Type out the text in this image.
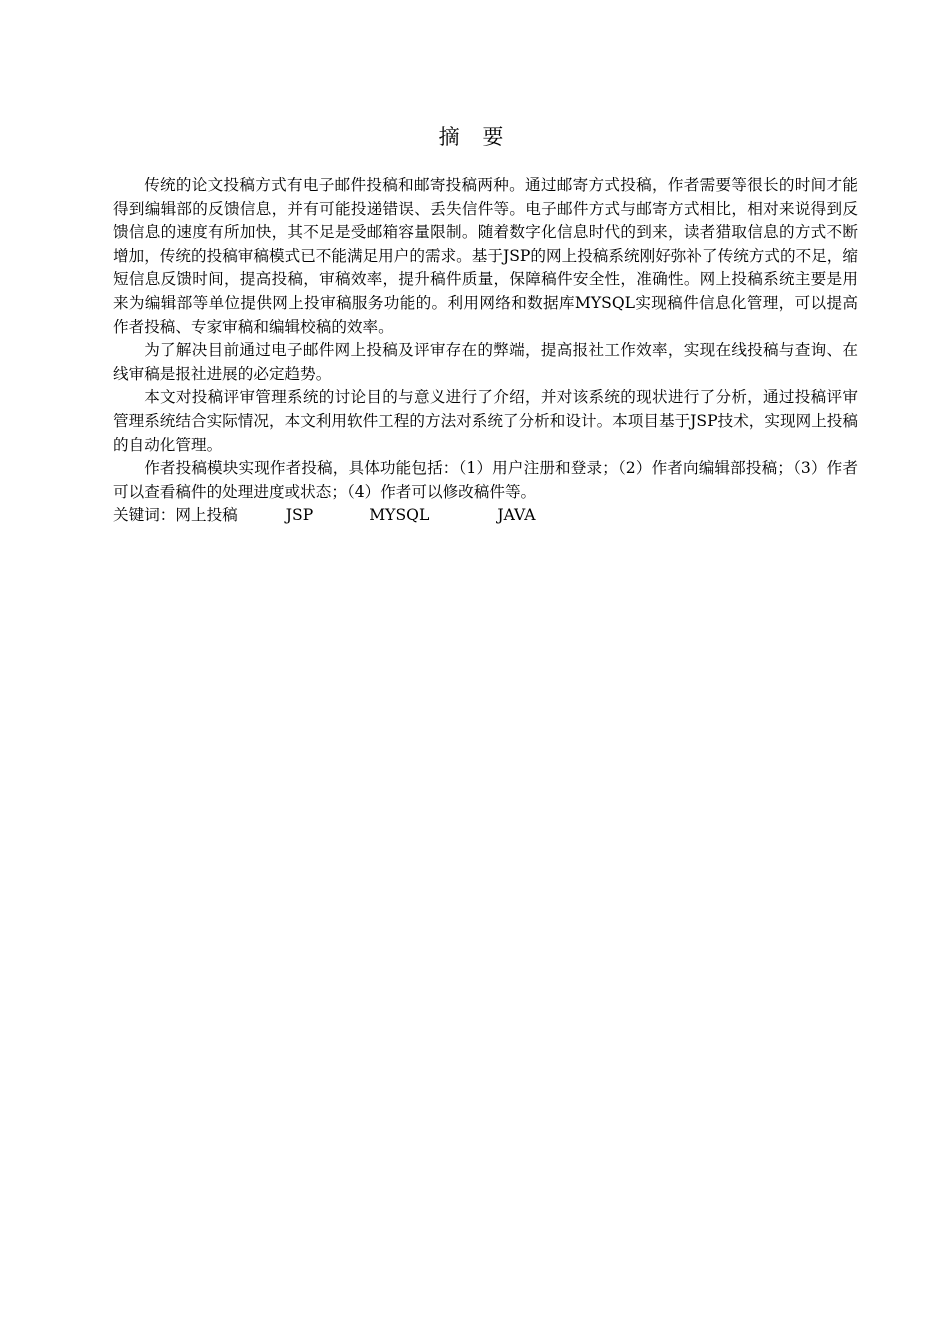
摘 要

传统的论文投稿方式有电子邮件投稿和邮寄投稿两种。通过邮寄方式投稿，作者需要等很长的时间才能得到编辑部的反馈信息，并有可能投递错误、丢失信件等。电子邮件方式与邮寄方式相比，相对来说得到反馈信息的速度有所加快，其不足是受邮箱容量限制。随着数字化信息时代的到来，读者猎取信息的方式不断增加，传统的投稿审稿模式已不能满足用户的需求。基于JSP的网上投稿系统刚好弥补了传统方式的不足，缩短信息反馈时间，提高投稿，审稿效率，提升稿件质量，保障稿件安全性，准确性。网上投稿系统主要是用来为编辑部等单位提供网上投审稿服务功能的。利用网络和数据库MYSQL实现稿件信息化管理，可以提高作者投稿、专家审稿和编辑校稿的效率。

为了解决目前通过电子邮件网上投稿及评审存在的弊端，提高报社工作效率，实现在线投稿与查询、在线审稿是报社进展的必定趋势。

本文对投稿评审管理系统的讨论目的与意义进行了介绍，并对该系统的现状进行了分析，通过投稿评审管理系统结合实际情况，本文利用软件工程的方法对系统了分析和设计。本项目基于JSP技术，实现网上投稿的自动化管理。

作者投稿模块实现作者投稿，具体功能包括：（1）用户注册和登录；（2）作者向编辑部投稿；（3）作者可以查看稿件的处理进度或状态；（4）作者可以修改稿件等。

关键词：网上投稿	JSP	MYSQL	JAVA
